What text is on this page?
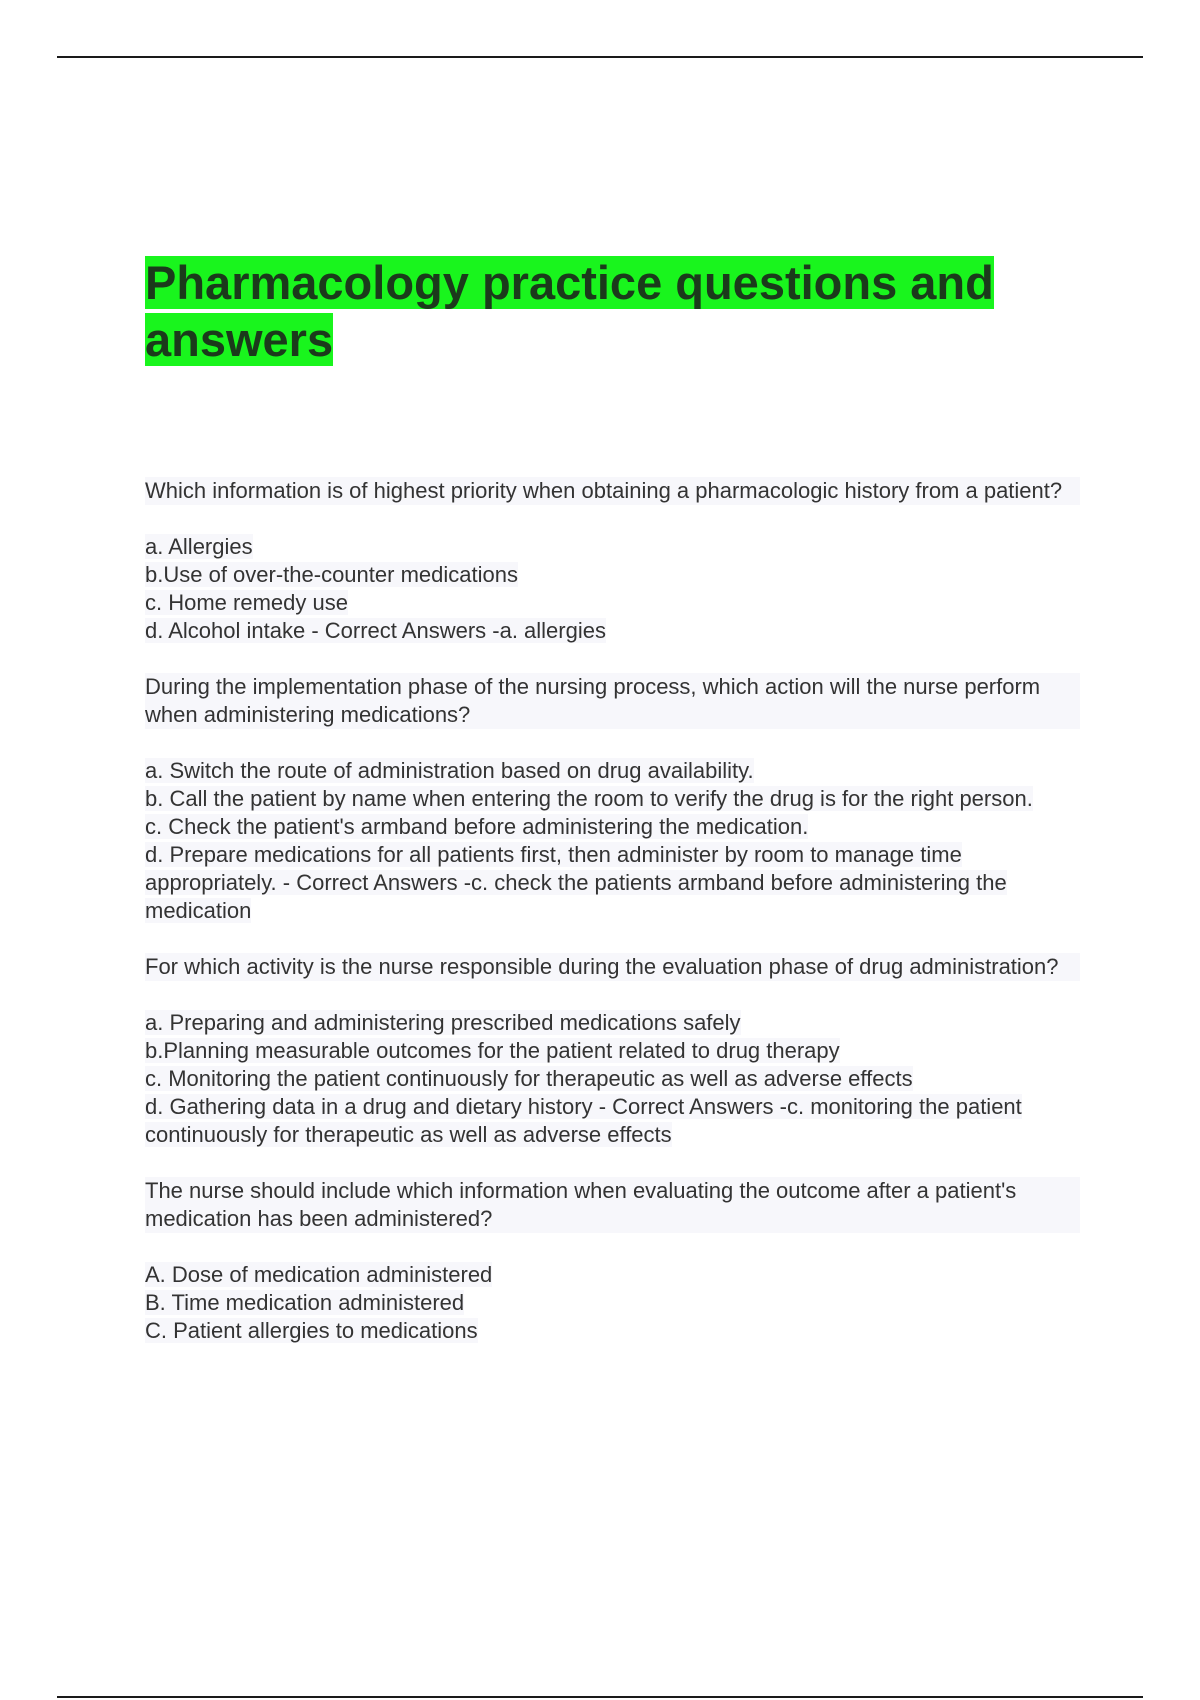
Pharmacology practice questions and answers

Which information is of highest priority when obtaining a pharmacologic history from a patient?

a. Allergies
b.Use of over-the-counter medications
c. Home remedy use
d. Alcohol intake - Correct Answers -a. allergies

During the implementation phase of the nursing process, which action will the nurse perform when administering medications?

a. Switch the route of administration based on drug availability.
b. Call the patient by name when entering the room to verify the drug is for the right person.
c. Check the patient's armband before administering the medication.
d. Prepare medications for all patients first, then administer by room to manage time appropriately. - Correct Answers -c. check the patients armband before administering the medication

For which activity is the nurse responsible during the evaluation phase of drug administration?

a. Preparing and administering prescribed medications safely
b.Planning measurable outcomes for the patient related to drug therapy
c. Monitoring the patient continuously for therapeutic as well as adverse effects
d. Gathering data in a drug and dietary history - Correct Answers -c. monitoring the patient continuously for therapeutic as well as adverse effects

The nurse should include which information when evaluating the outcome after a patient's medication has been administered?

A. Dose of medication administered
B. Time medication administered
C. Patient allergies to medications
